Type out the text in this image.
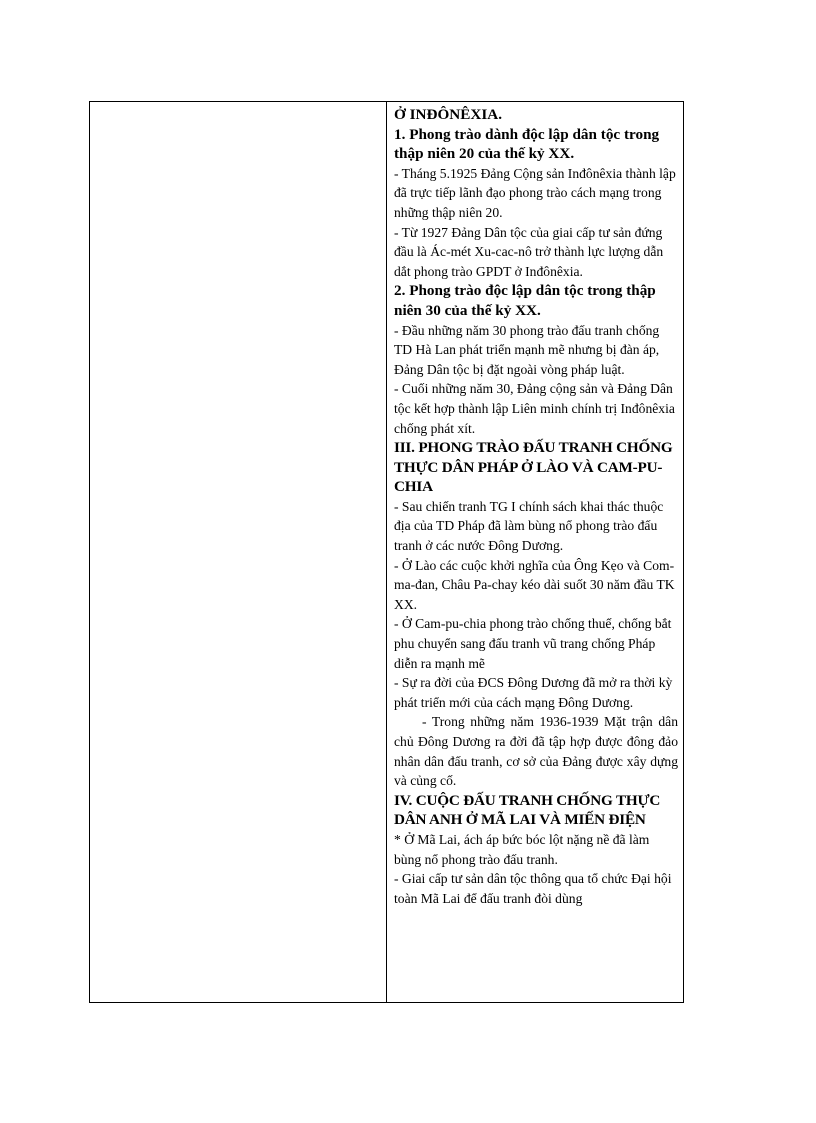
Ở INĐÔNÊXIA.

1. Phong trào dành độc lập dân tộc trong thập niên 20 của thế kỷ XX.

- Tháng 5.1925 Đảng Cộng sản Inđônêxia thành lập đã trực tiếp lãnh đạo phong trào cách mạng trong những thập niên 20.

- Từ 1927 Đảng Dân tộc của giai cấp tư sản đứng đầu là Ác-mét Xu-cac-nô trở thành lực lượng dẫn dắt phong trào GPDT ở Inđônêxia.

2. Phong trào độc lập dân tộc trong thập niên 30 của thế kỷ XX.

- Đầu những năm 30 phong trào đấu tranh chống TD Hà Lan phát triển mạnh mẽ nhưng bị đàn áp, Đảng Dân tộc bị đặt ngoài vòng pháp luật.

- Cuối những năm 30, Đảng cộng sản và Đảng Dân tộc kết hợp thành lập Liên minh chính trị Inđônêxia chống phát xít.

III. PHONG TRÀO ĐẤU TRANH CHỐNG THỰC DÂN PHÁP Ở LÀO VÀ CAM-PU-CHIA

- Sau chiến tranh TG I chính sách khai thác thuộc địa của TD Pháp đã làm bùng nổ phong trào đấu tranh ở các nước Đông Dương.

- Ở Lào các cuộc khởi nghĩa của Ông Kẹo và Com-ma-đan, Châu Pa-chay kéo dài suốt 30 năm đầu TK XX.

- Ở Cam-pu-chia phong trào chống thuế, chống bắt phu chuyển sang đấu tranh vũ trang chống Pháp diễn ra mạnh mẽ

- Sự ra đời của ĐCS Đông Dương đã mở ra thời kỳ phát triển mới của cách mạng Đông Dương.

- Trong những năm 1936-1939 Mặt trận dân chủ Đông Dương ra đời đã tập hợp được đông đảo nhân dân đấu tranh, cơ sở của Đảng được xây dựng và củng cố.

IV. CUỘC ĐẤU TRANH CHỐNG THỰC DÂN ANH Ở MÃ LAI VÀ MIẾN ĐIỆN

* Ở Mã Lai, ách áp bức bóc lột nặng nề đã làm bùng nổ phong trào đấu tranh.

- Giai cấp tư sản dân tộc thông qua tổ chức Đại hội toàn Mã Lai để đấu tranh đòi dùng
